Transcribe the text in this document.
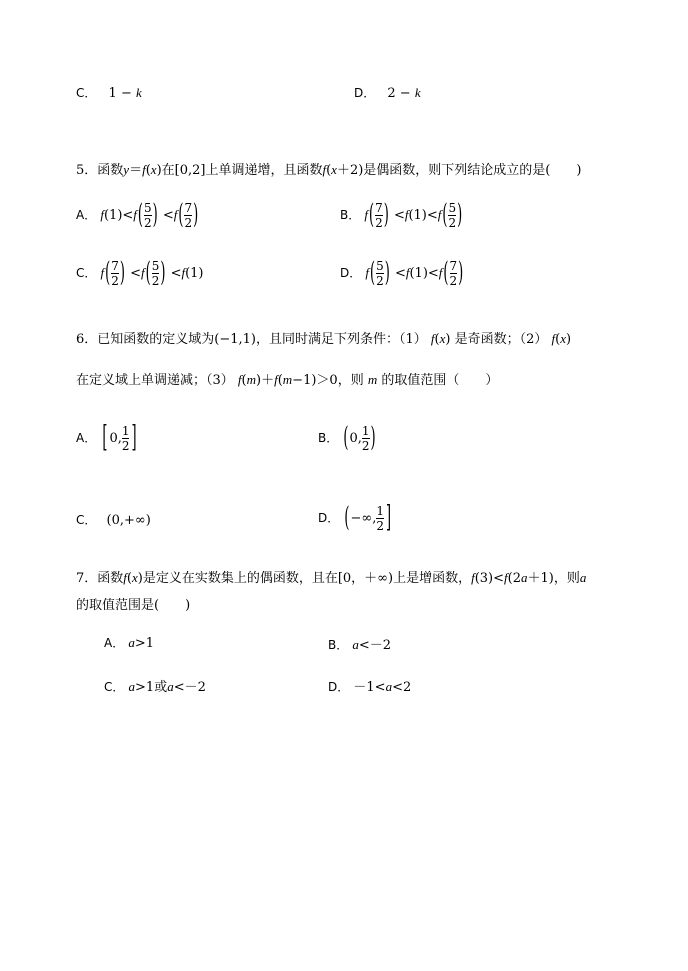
C． 1 − k	D． 2 − k
5．函数y＝f(x)在[0,2]上单调递增，且函数f(x＋2)是偶函数，则下列结论成立的是(　　)
A． $f(1)<f( \frac{5}{2}$ ) $<f( \frac{7}{2}$ )	B． $f( \frac{7}{2}$ ) $<f(1)<f( \frac{5}{2}$ )
C． $f( \frac{7}{2}$ ) $<f( \frac{5}{2}$ ) <f(1)	D． $f( \frac{5}{2}$ ) $<f(1)<f( \frac{7}{2}$ )
6．已知函数的定义域为(−1,1)，且同时满足下列条件：（1） f(x) 是奇函数；（2） f(x)
在定义域上单调递减；（3） f(m)＋f(m−1)＞0，则 m 的取值范围（　　）
A． [ 0, $\frac{1}{2}$ ]	B． (0, $\frac{1}{2}$ )
C． (0,+∞)	D． (−∞, $\frac{1}{2}$ ]
7．函数f(x)是定义在实数集上的偶函数，且在[0，＋∞)上是增函数，f(3)<f(2a＋1)，则a
的取值范围是(　　)
A． a>1	B． a<－2
C． a>1或a<－2	D． －1<a<2
